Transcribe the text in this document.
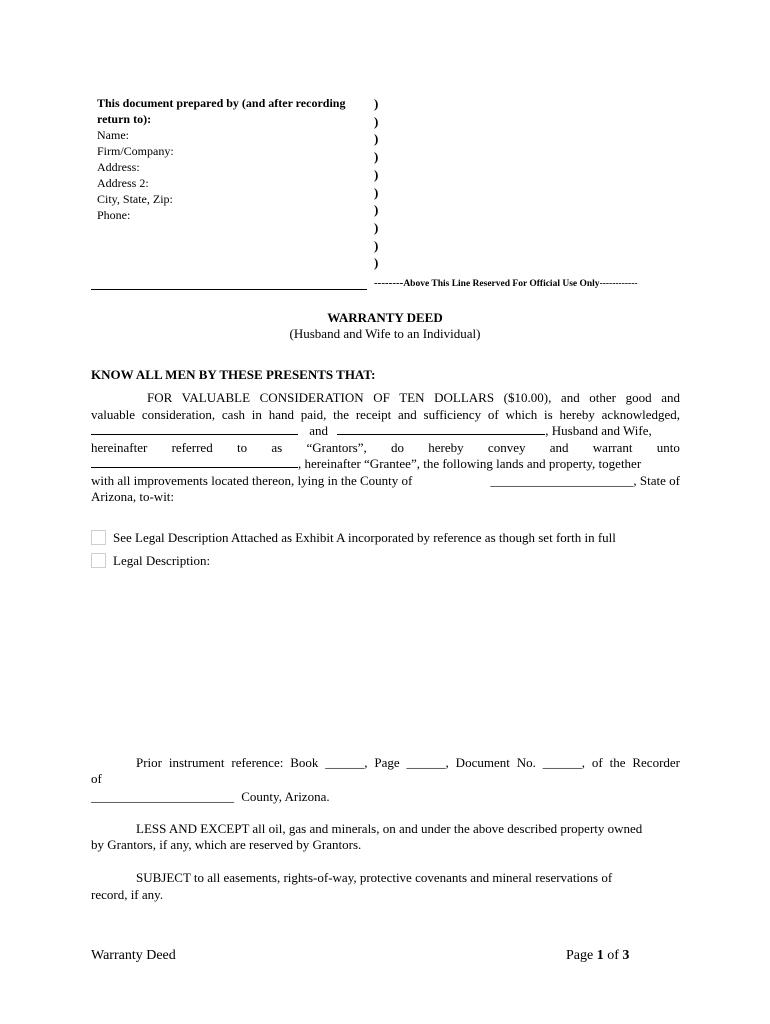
This document prepared by (and after recording
return to):
Name:
Firm/Company:
Address:
Address 2:
City, State, Zip:
Phone:
)
)
)
)
)
)
)
)
)
)
--------Above This Line Reserved For Official Use Only------------
WARRANTY DEED
(Husband and Wife to an Individual)
KNOW ALL MEN BY THESE PRESENTS THAT:
FOR VALUABLE CONSIDERATION OF TEN DOLLARS ($10.00), and other good and
valuable consideration, cash in hand paid, the receipt and sufficiency of which is hereby acknowledged,
and	, Husband and Wife,
hereinafter referred to as “Grantors”, do hereby convey and warrant unto
, hereinafter “Grantee”, the following lands and property, together
with all improvements located thereon, lying in the County of	______________________, State of
Arizona, to-wit:
See Legal Description Attached as Exhibit A incorporated by reference as though set forth in full
Legal Description:
Prior instrument reference: Book ______, Page ______, Document No. ______, of the Recorder
of
______________________ County, Arizona.
LESS AND EXCEPT all oil, gas and minerals, on and under the above described property owned
by Grantors, if any, which are reserved by Grantors.
SUBJECT to all easements, rights-of-way, protective covenants and mineral reservations of
record, if any.
Warranty Deed	Page 1 of 3
